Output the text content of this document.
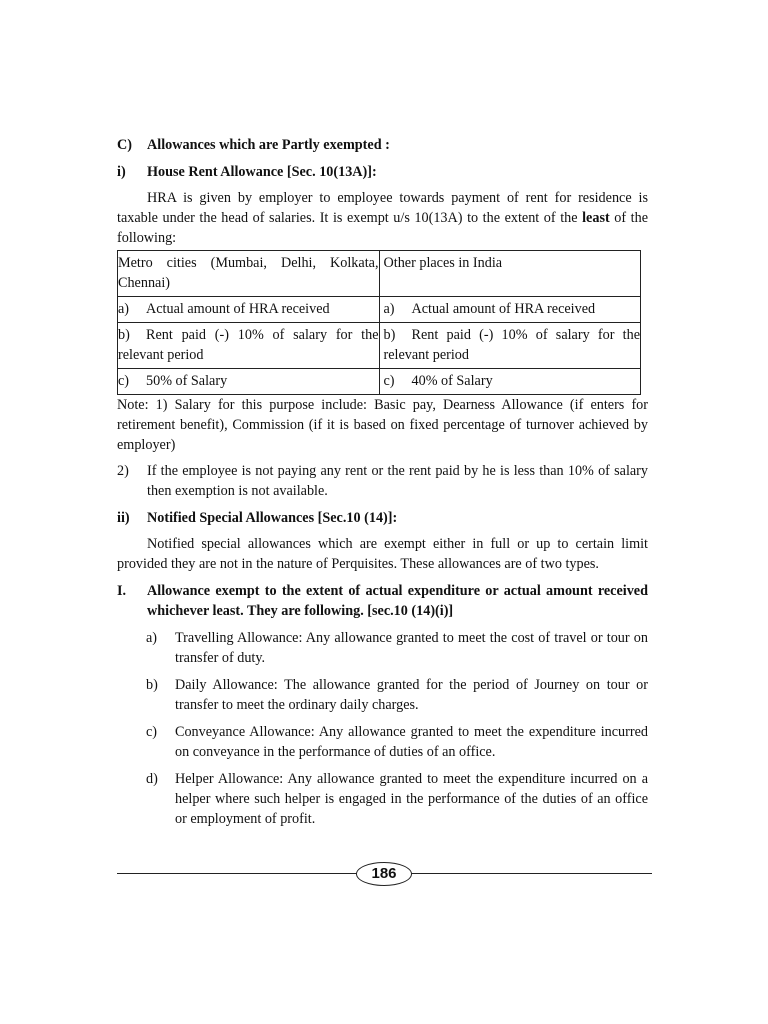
C) Allowances which are Partly exempted :
i) House Rent Allowance [Sec. 10(13A)]:

HRA is given by employer to employee towards payment of rent for residence is taxable under the head of salaries. It is exempt u/s 10(13A) to the extent of the least of the following:

Metro cities (Mumbai, Delhi, Kolkata, Chennai)	Other places in India
a) Actual amount of HRA received	a) Actual amount of HRA received
b) Rent paid (-) 10% of salary for the relevant period	b) Rent paid (-) 10% of salary for the relevant period
c) 50% of Salary	c) 40% of Salary

Note: 1) Salary for this purpose include: Basic pay, Dearness Allowance (if enters for retirement benefit), Commission (if it is based on fixed percentage of turnover achieved by employer)

2) If the employee is not paying any rent or the rent paid by he is less than 10% of salary then exemption is not available.
ii) Notified Special Allowances [Sec.10 (14)]:

Notified special allowances which are exempt either in full or up to certain limit provided they are not in the nature of Perquisites. These allowances are of two types.

I. Allowance exempt to the extent of actual expenditure or actual amount received whichever least. They are following. [sec.10 (14)(i)]
a) Travelling Allowance: Any allowance granted to meet the cost of travel or tour on transfer of duty.
b) Daily Allowance: The allowance granted for the period of Journey on tour or transfer to meet the ordinary daily charges.
c) Conveyance Allowance: Any allowance granted to meet the expenditure incurred on conveyance in the performance of duties of an office.
d) Helper Allowance: Any allowance granted to meet the expenditure incurred on a helper where such helper is engaged in the performance of the duties of an office or employment of profit.
186
